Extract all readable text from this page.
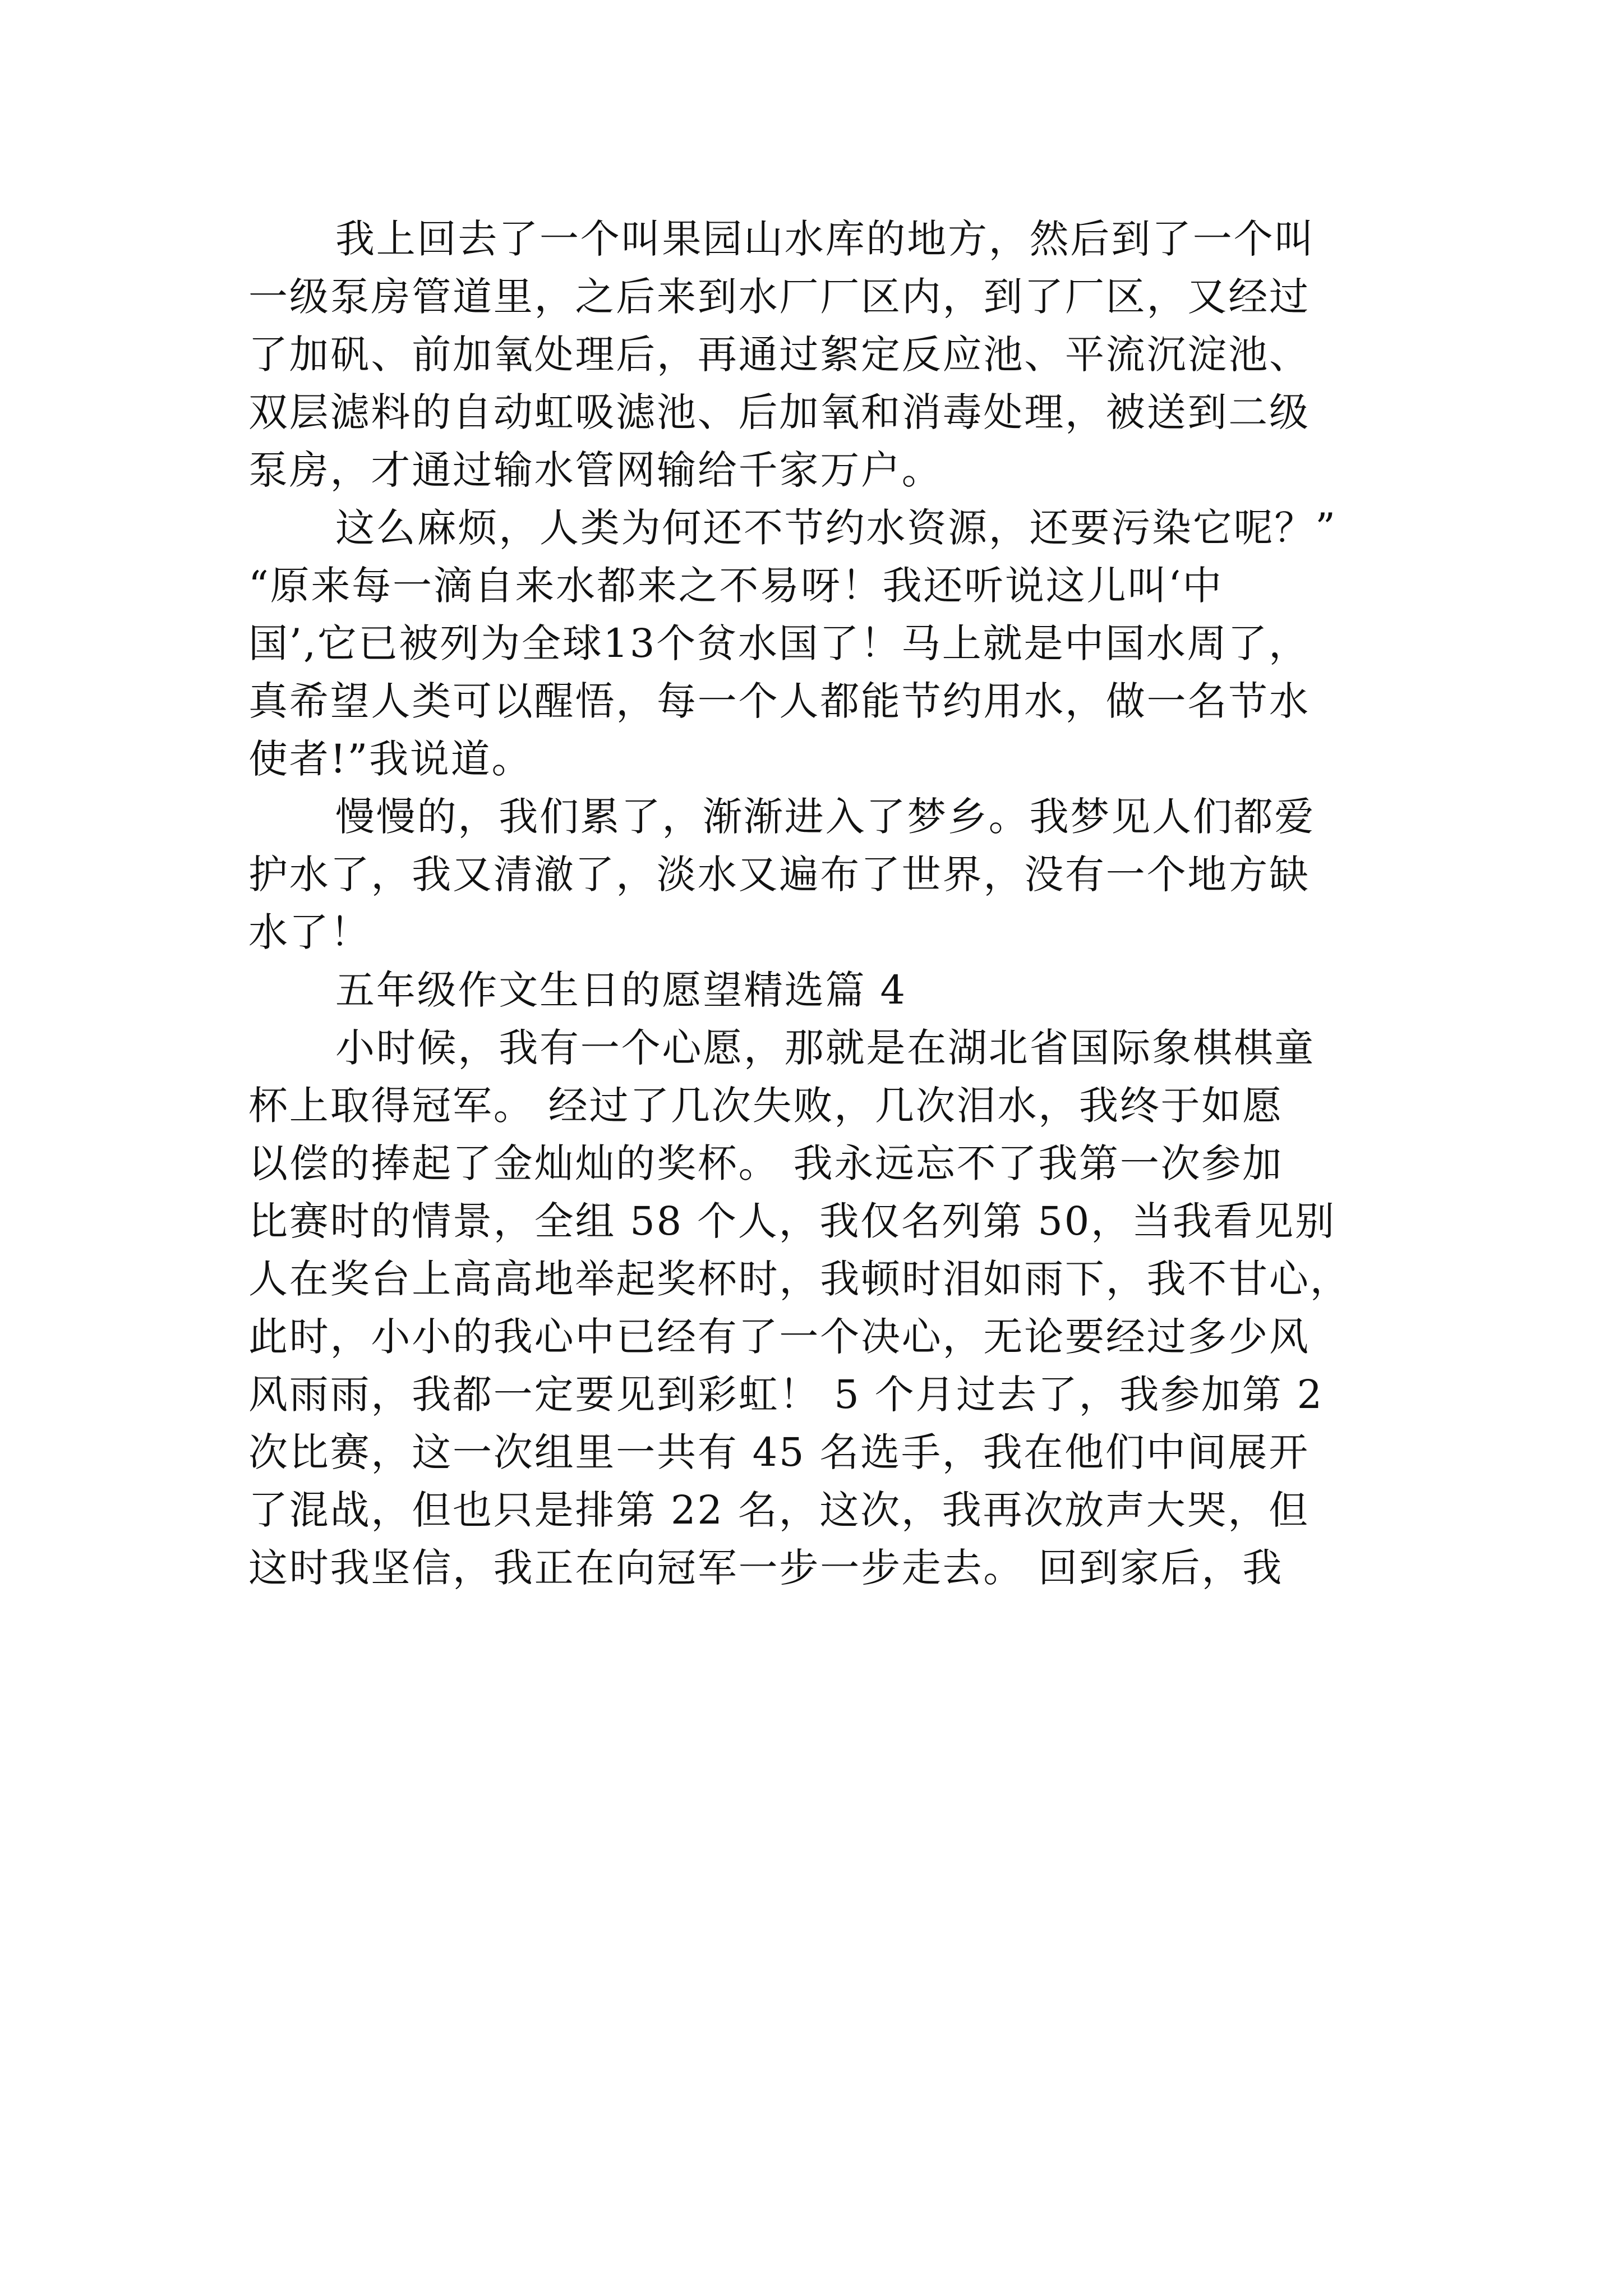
我上回去了一个叫果园山水库的地方，然后到了一个叫
一级泵房管道里，之后来到水厂厂区内，到了厂区，又经过
了加矾、前加氧处理后，再通过絮定反应池、平流沉淀池、
双层滤料的自动虹吸滤池、后加氧和消毒处理，被送到二级
泵房，才通过输水管网输给千家万户。
这么麻烦，人类为何还不节约水资源，还要污染它呢？”
“原来每一滴自来水都来之不易呀！我还听说这儿叫‘中
国’,它已被列为全球13个贫水国了！马上就是中国水周了，
真希望人类可以醒悟，每一个人都能节约用水，做一名节水
使者!”我说道。
慢慢的，我们累了，渐渐进入了梦乡。我梦见人们都爱
护水了，我又清澈了，淡水又遍布了世界，没有一个地方缺
水了！
五年级作文生日的愿望精选篇 4
小时候，我有一个心愿，那就是在湖北省国际象棋棋童
杯上取得冠军。 经过了几次失败，几次泪水，我终于如愿
以偿的捧起了金灿灿的奖杯。 我永远忘不了我第一次参加
比赛时的情景，全组 58 个人，我仅名列第 50，当我看见别
人在奖台上高高地举起奖杯时，我顿时泪如雨下，我不甘心，
此时，小小的我心中已经有了一个决心，无论要经过多少风
风雨雨，我都一定要见到彩虹！ 5 个月过去了，我参加第 2
次比赛，这一次组里一共有 45 名选手，我在他们中间展开
了混战，但也只是排第 22 名，这次，我再次放声大哭，但
这时我坚信，我正在向冠军一步一步走去。 回到家后，我
